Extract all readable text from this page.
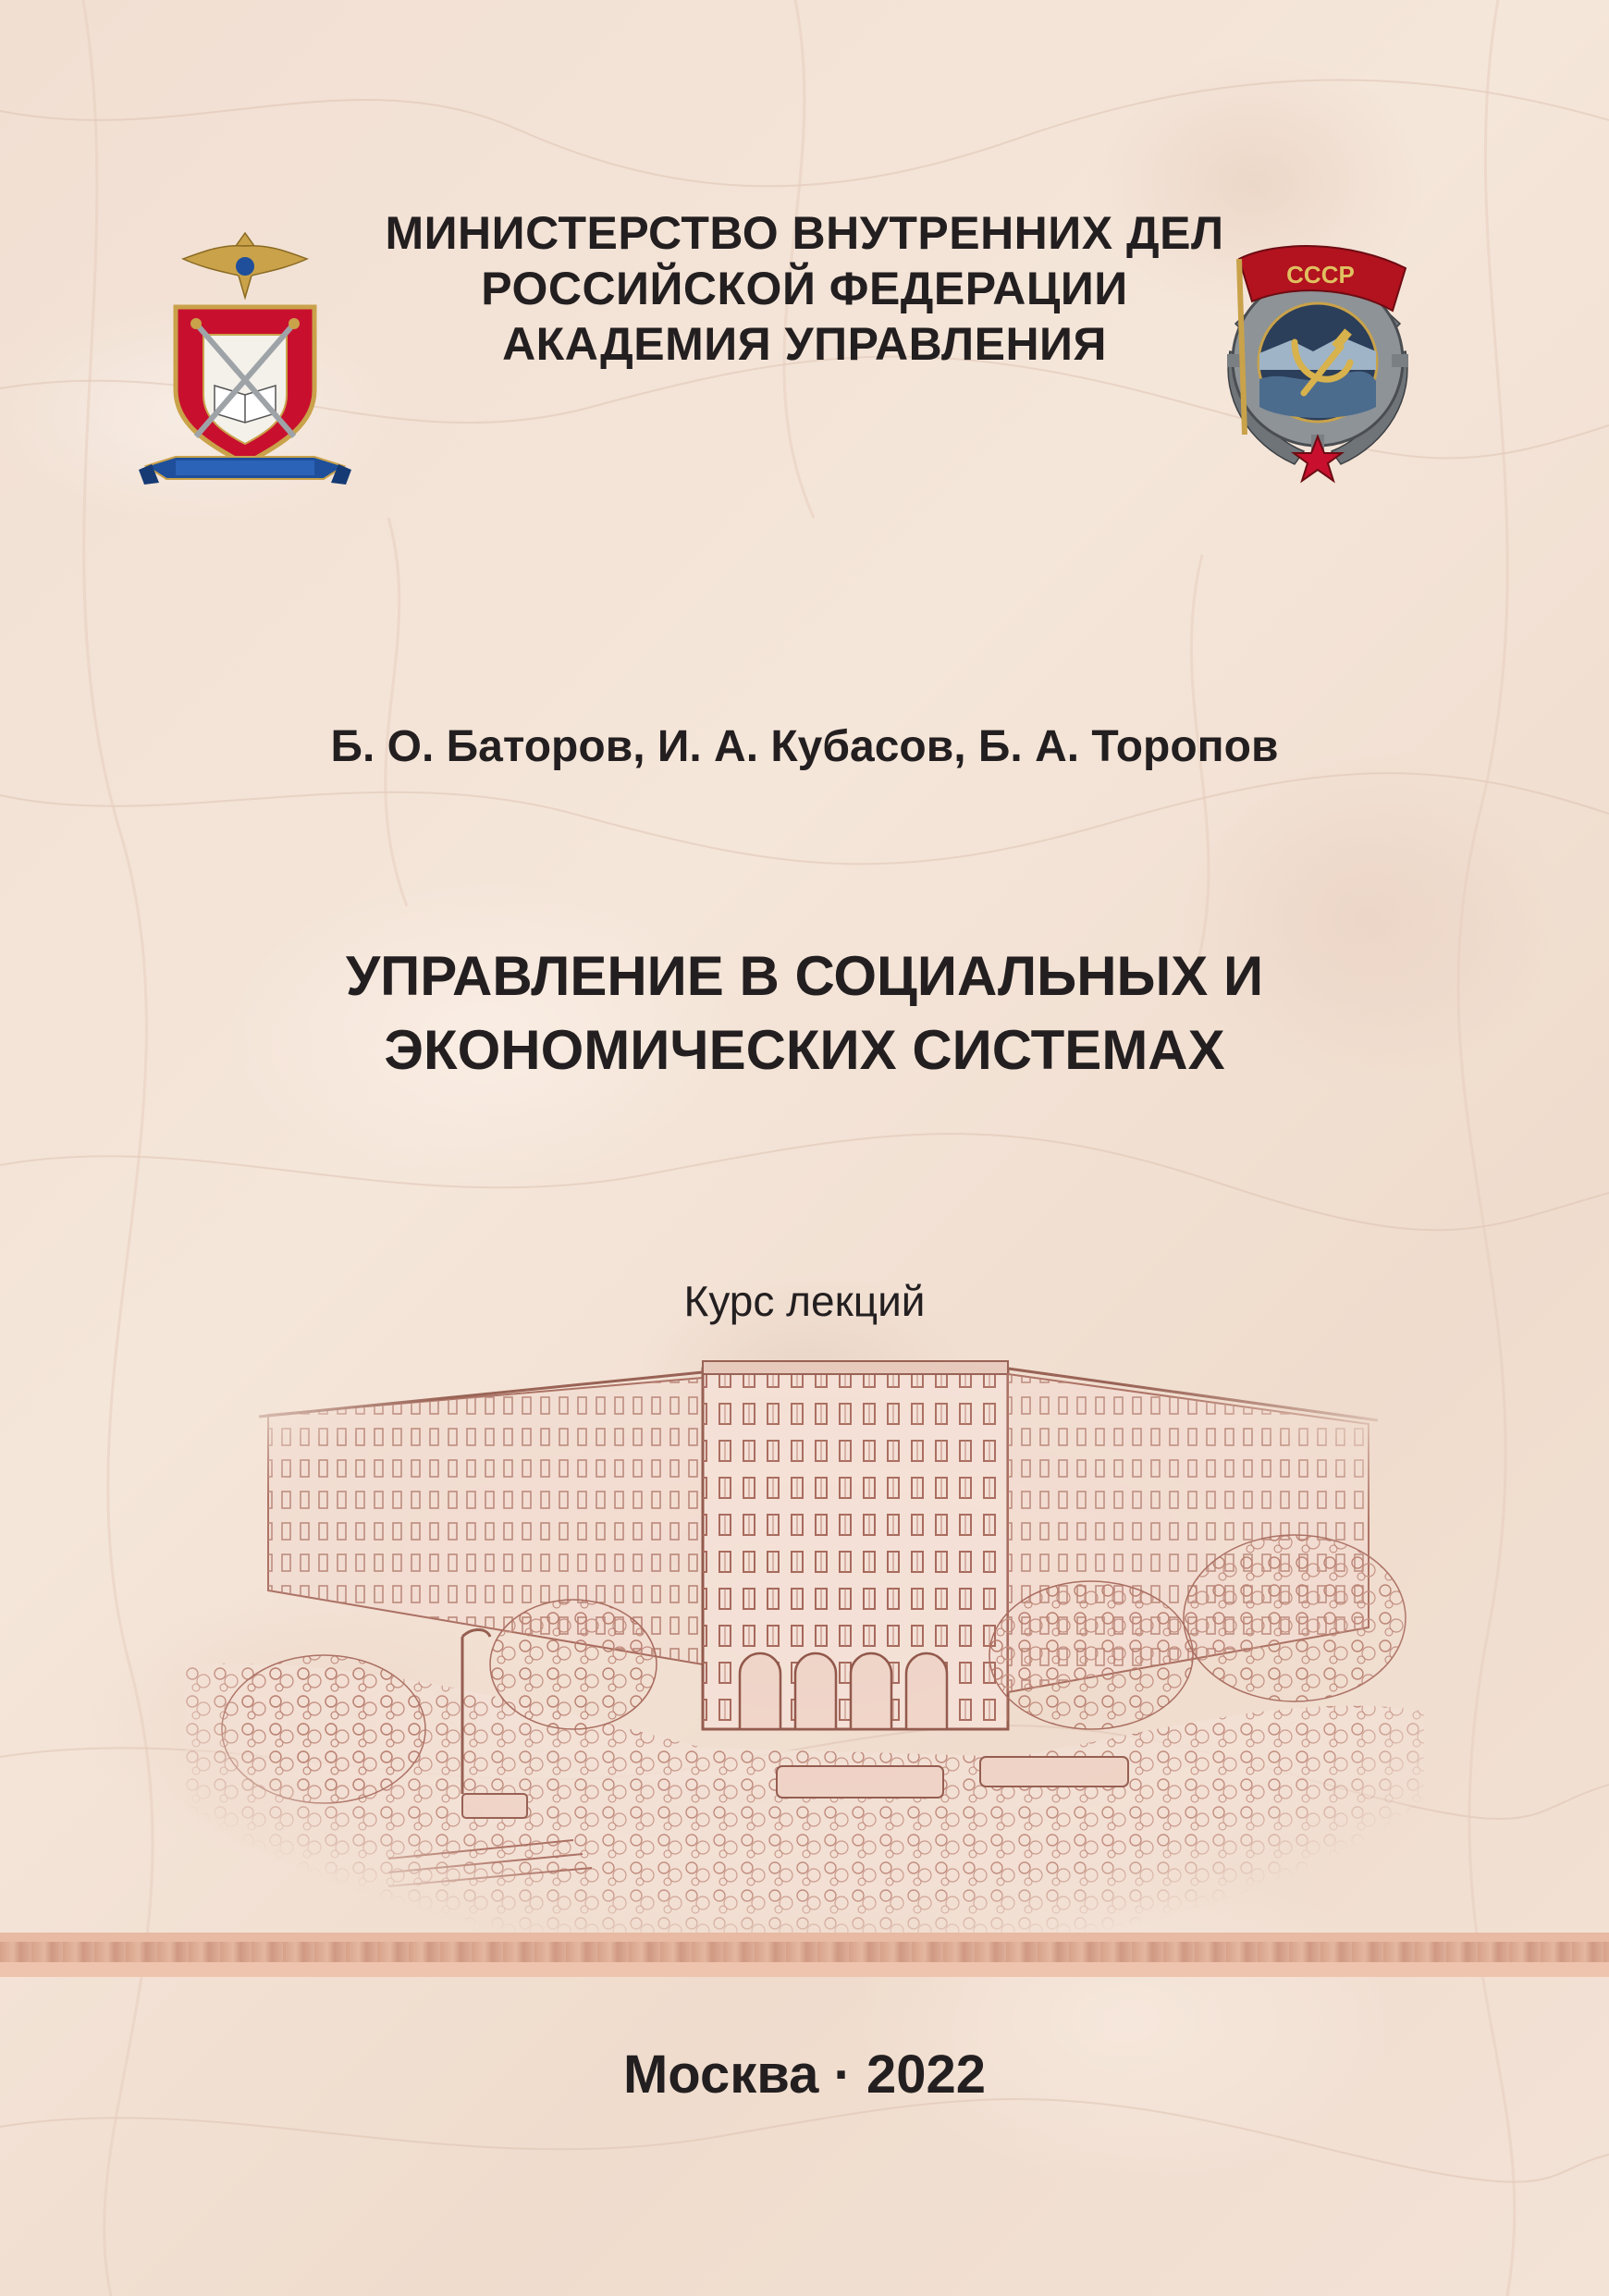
СССР
МИНИСТЕРСТВО ВНУТРЕННИХ ДЕЛ
РОССИЙСКОЙ ФЕДЕРАЦИИ
АКАДЕМИЯ УПРАВЛЕНИЯ
Б. О. Баторов, И. А. Кубасов, Б. А. Торопов
УПРАВЛЕНИЕ В СОЦИАЛЬНЫХ И
ЭКОНОМИЧЕСКИХ СИСТЕМАХ
Курс лекций
Москва · 2022
